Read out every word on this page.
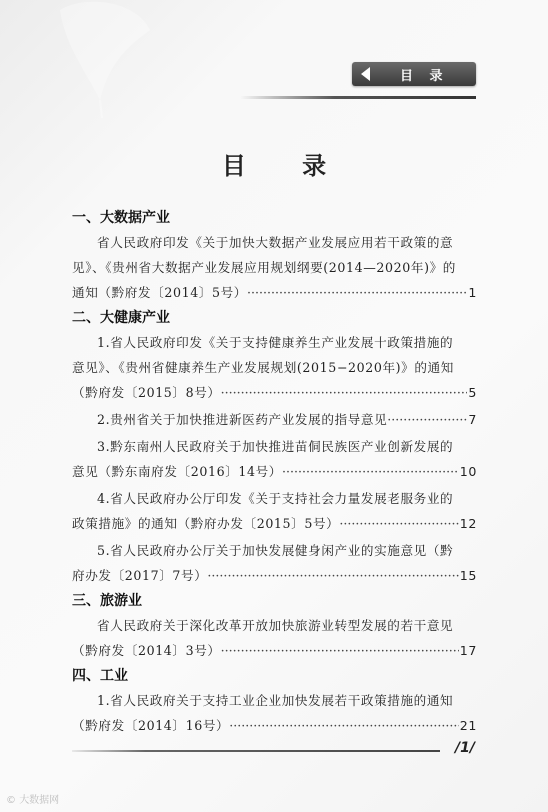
目 录
目 录
一、大数据产业
省人民政府印发《关于加快大数据产业发展应用若干政策的意
见》、《贵州省大数据产业发展应用规划纲要(2014—2020年)》的
通知（黔府发〔2014〕5号） ·····	1
二、大健康产业
1.省人民政府印发《关于支持健康养生产业发展十政策措施的
意见》、《贵州省健康养生产业发展规划(2015−2020年)》的通知
（黔府发〔2015〕8号） ·····	5
2.贵州省关于加快推进新医药产业发展的指导意见 ·····	7
3.黔东南州人民政府关于加快推进苗侗民族医产业创新发展的
意见（黔东南府发〔2016〕14号） ·····	10
4.省人民政府办公厅印发《关于支持社会力量发展老服务业的
政策措施》的通知（黔府办发〔2015〕5号） ·····	12
5.省人民政府办公厅关于加快发展健身闲产业的实施意见（黔
府办发〔2017〕7号） ·····	15
三、旅游业
省人民政府关于深化改革开放加快旅游业转型发展的若干意见
（黔府发〔2014〕3号） ·····	17
四、工业
1.省人民政府关于支持工业企业加快发展若干政策措施的通知
（黔府发〔2014〕16号） ·····	21
/1/
© 大数据网
